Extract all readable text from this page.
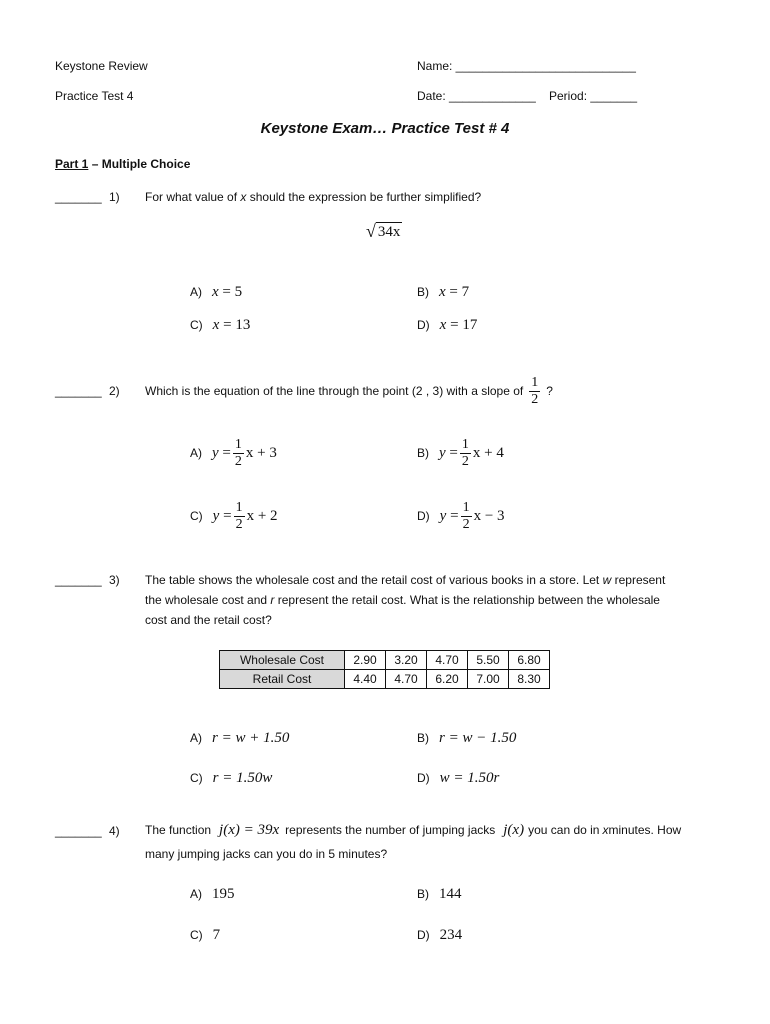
Keystone Review
Practice Test 4
Name: ___________________________
Date: _____________ Period: _______
Keystone Exam… Practice Test # 4
Part 1 – Multiple Choice
_______ 1) For what value of x should the expression be further simplified?
√ 34x
A) x = 5	B) x = 7
C) x = 13	D) x = 17
_______ 2) Which is the equation of the line through the point (2 , 3) with a slope of $\frac{1}{2}$ ?
A) $y = \frac{1}{2}$ x + 3	B) $y = \frac{1}{2}$ x + 4
C) $y = \frac{1}{2}$ x + 2	D) $y = \frac{1}{2}$ x − 3
_______ 3) The table shows the wholesale cost and the retail cost of various books in a store. Let w represent
the wholesale cost and r represent the retail cost. What is the relationship between the wholesale
cost and the retail cost?
Wholesale Cost	2.90	3.20	4.70	5.50	6.80
Retail Cost	4.40	4.70	6.20	7.00	8.30
A) r = w + 1.50	B) r = w − 1.50
C) r = 1.50w	D) w = 1.50r
_______ 4) The function j(x) = 39x represents the number of jumping jacks j(x) you can do in x minutes. How
many jumping jacks can you do in 5 minutes?
A) 195	B) 144
C) 7	D) 234
